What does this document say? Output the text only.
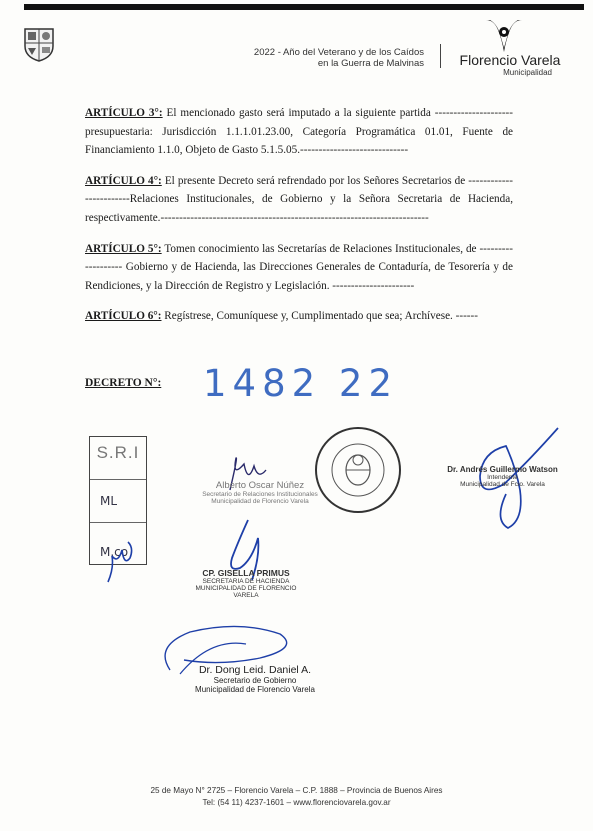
2022 - Año del Veterano y de los Caídos
en la Guerra de Malvinas	Florencio Varela
Municipalidad

ARTÍCULO 3°: El mencionado gasto será imputado a la siguiente partida ---------------------presupuestaria: Jurisdicción 1.1.1.01.23.00, Categoría Programática 01.01, Fuente de Financiamiento 1.1.0, Objeto de Gasto 5.1.5.05.-----------------------------

ARTÍCULO 4°: El presente Decreto será refrendado por los Señores Secretarios de ------------------------Relaciones Institucionales, de Gobierno y la Señora Secretaria de Hacienda, respectivamente.------------------------------------------------------------------------

ARTÍCULO 5°: Tomen conocimiento las Secretarías de Relaciones Institucionales, de ------------------- Gobierno y de Hacienda, las Direcciones Generales de Contaduría, de Tesorería y de Rendiciones, y la Dirección de Registro y Legislación. ----------------------

ARTÍCULO 6°: Regístrese, Comuníquese y, Cumplimentado que sea; Archívese. ------

DECRETO N°: 1482 22
S.R.I
ML
M.co
Alberto Oscar Núñez
Secretario de Relaciones Institucionales
Municipalidad de Florencio Varela
Dr. Andrés Guillermo Watson
Intendente
Municipalidad de Fcio. Varela
CP. GISELLA PRIMUS
SECRETARIA DE HACIENDA
MUNICIPALIDAD DE FLORENCIO VARELA
Dr. Dong Leid. Daniel A.
Secretario de Gobierno
Municipalidad de Florencio Varela
25 de Mayo N° 2725 – Florencio Varela – C.P. 1888 – Provincia de Buenos Aires
Tel: (54 11) 4237-1601 – www.florenciovarela.gov.ar
